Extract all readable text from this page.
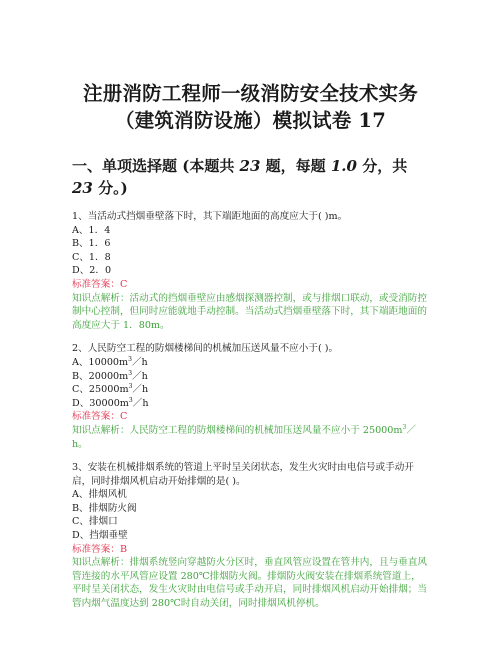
注册消防工程师一级消防安全技术实务
（建筑消防设施）模拟试卷 17
一、单项选择题 (本题共 23 题，每题 1.0 分，共 23 分。)

1、当活动式挡烟垂壁落下时，其下端距地面的高度应大于( )m。

A、1．4

B、1．6

C、1．8

D、2．0

标准答案：C

知识点解析：活动式的挡烟垂壁应由感烟探测器控制，或与排烟口联动，或受消防控制中心控制，但同时应能就地手动控制。当活动式挡烟垂壁落下时，其下端距地面的高度应大于 1．80m。

2、人民防空工程的防烟楼梯间的机械加压送风量不应小于( )。

A、$10000m^3/h$

B、$20000m^3/h$

C、$25000m^3/h$

D、$30000m^3/h$

标准答案：C

知识点解析：人民防空工程的防烟楼梯间的机械加压送风量不应小于 $25000m^3/h$。

3、安装在机械排烟系统的管道上平时呈关闭状态，发生火灾时由电信号或手动开启，同时排烟风机启动开始排烟的是( )。

A、排烟风机

B、排烟防火阀

C、排烟口

D、挡烟垂壁

标准答案：B

知识点解析：排烟系统竖向穿越防火分区时，垂直风管应设置在管井内，且与垂直风管连接的水平风管应设置 280℃排烟防火阀。排烟防火阀安装在排烟系统管道上，平时呈关闭状态，发生火灾时由电信号或手动开启，同时排烟风机启动开始排烟；当管内烟气温度达到 280℃时自动关闭，同时排烟风机停机。
